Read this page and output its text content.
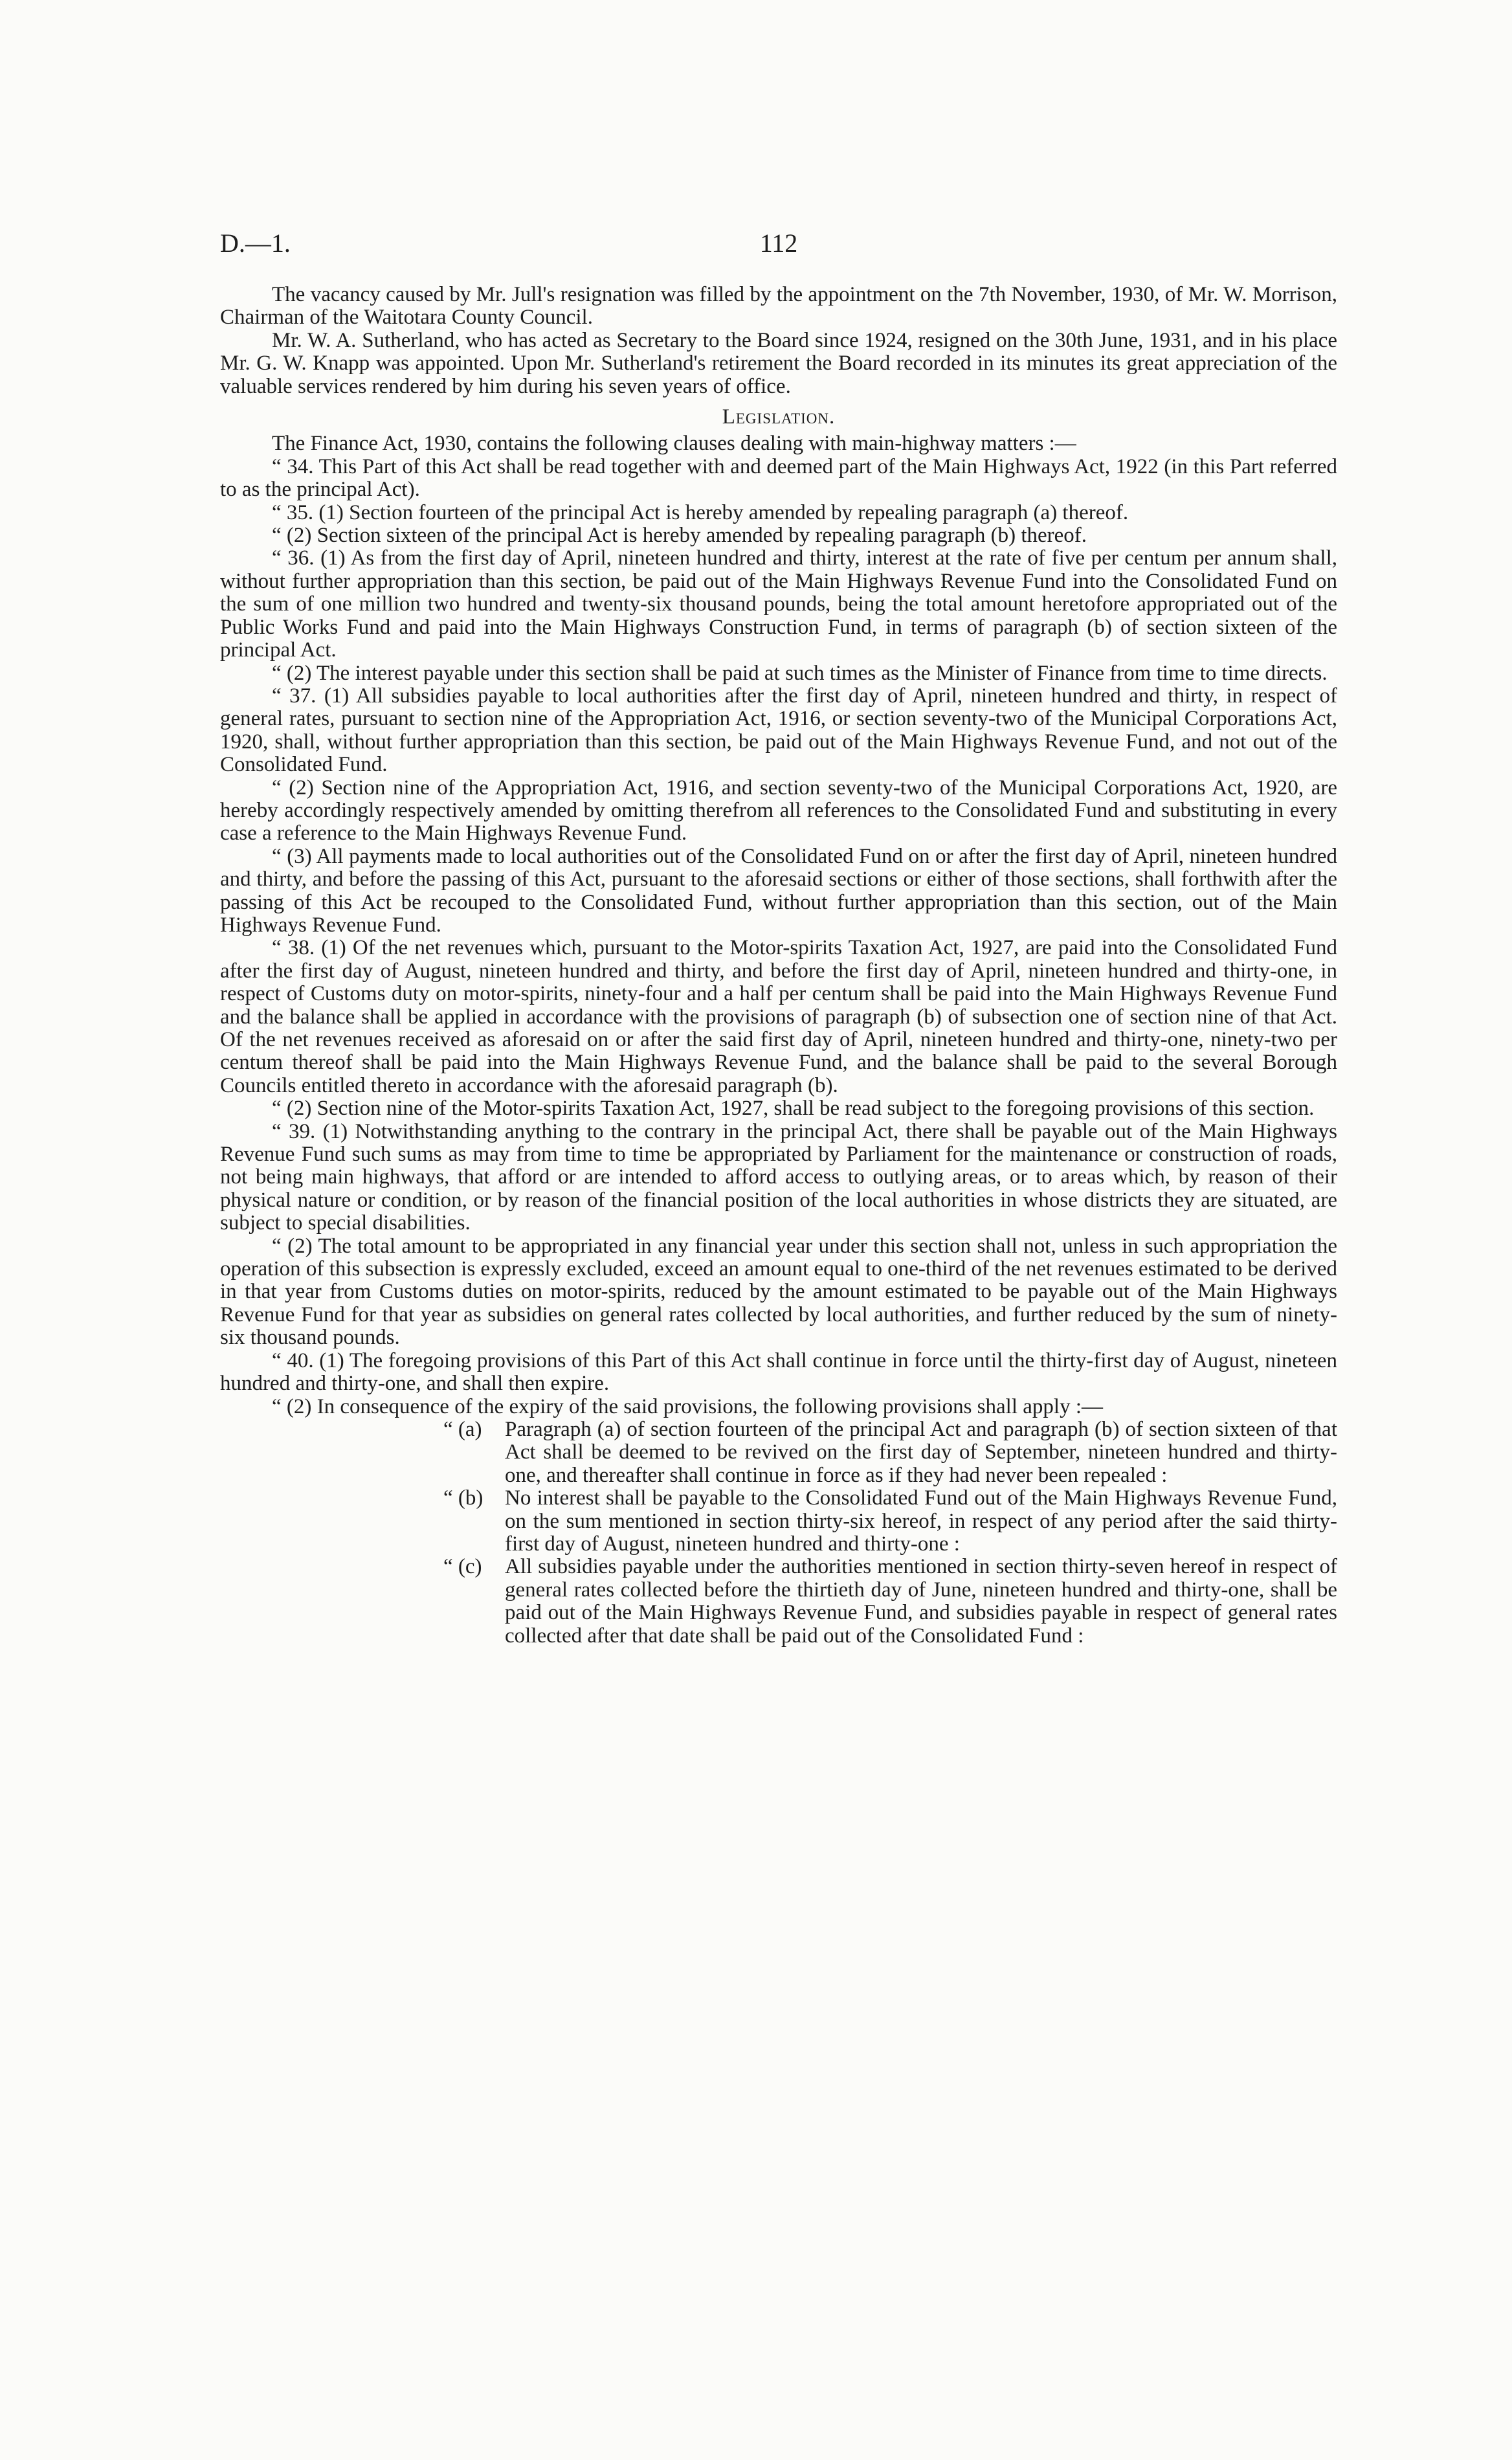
D.—1.	112

The vacancy caused by Mr. Jull's resignation was filled by the appointment on the 7th November, 1930, of Mr. W. Morrison, Chairman of the Waitotara County Council.

Mr. W. A. Sutherland, who has acted as Secretary to the Board since 1924, resigned on the 30th June, 1931, and in his place Mr. G. W. Knapp was appointed. Upon Mr. Sutherland's retirement the Board recorded in its minutes its great appreciation of the valuable services rendered by him during his seven years of office.

Legislation.

The Finance Act, 1930, contains the following clauses dealing with main-highway matters :—

“ 34. This Part of this Act shall be read together with and deemed part of the Main Highways Act, 1922 (in this Part referred to as the principal Act).

“ 35. (1) Section fourteen of the principal Act is hereby amended by repealing paragraph (a) thereof.

“ (2) Section sixteen of the principal Act is hereby amended by repealing paragraph (b) thereof.

“ 36. (1) As from the first day of April, nineteen hundred and thirty, interest at the rate of five per centum per annum shall, without further appropriation than this section, be paid out of the Main Highways Revenue Fund into the Consolidated Fund on the sum of one million two hundred and twenty-six thousand pounds, being the total amount heretofore appropriated out of the Public Works Fund and paid into the Main Highways Construction Fund, in terms of paragraph (b) of section sixteen of the principal Act.

“ (2) The interest payable under this section shall be paid at such times as the Minister of Finance from time to time directs.

“ 37. (1) All subsidies payable to local authorities after the first day of April, nineteen hundred and thirty, in respect of general rates, pursuant to section nine of the Appropriation Act, 1916, or section seventy-two of the Municipal Corporations Act, 1920, shall, without further appropriation than this section, be paid out of the Main Highways Revenue Fund, and not out of the Consolidated Fund.

“ (2) Section nine of the Appropriation Act, 1916, and section seventy-two of the Municipal Corporations Act, 1920, are hereby accordingly respectively amended by omitting therefrom all references to the Consolidated Fund and substituting in every case a reference to the Main Highways Revenue Fund.

“ (3) All payments made to local authorities out of the Consolidated Fund on or after the first day of April, nineteen hundred and thirty, and before the passing of this Act, pursuant to the aforesaid sections or either of those sections, shall forthwith after the passing of this Act be recouped to the Consolidated Fund, without further appropriation than this section, out of the Main Highways Revenue Fund.

“ 38. (1) Of the net revenues which, pursuant to the Motor-spirits Taxation Act, 1927, are paid into the Consolidated Fund after the first day of August, nineteen hundred and thirty, and before the first day of April, nineteen hundred and thirty-one, in respect of Customs duty on motor-spirits, ninety-four and a half per centum shall be paid into the Main Highways Revenue Fund and the balance shall be applied in accordance with the provisions of paragraph (b) of subsection one of section nine of that Act. Of the net revenues received as aforesaid on or after the said first day of April, nineteen hundred and thirty-one, ninety-two per centum thereof shall be paid into the Main Highways Revenue Fund, and the balance shall be paid to the several Borough Councils entitled thereto in accordance with the aforesaid paragraph (b).

“ (2) Section nine of the Motor-spirits Taxation Act, 1927, shall be read subject to the foregoing provisions of this section.

“ 39. (1) Notwithstanding anything to the contrary in the principal Act, there shall be payable out of the Main Highways Revenue Fund such sums as may from time to time be appropriated by Parliament for the maintenance or construction of roads, not being main highways, that afford or are intended to afford access to outlying areas, or to areas which, by reason of their physical nature or condition, or by reason of the financial position of the local authorities in whose districts they are situated, are subject to special disabilities.

“ (2) The total amount to be appropriated in any financial year under this section shall not, unless in such appropriation the operation of this subsection is expressly excluded, exceed an amount equal to one-third of the net revenues estimated to be derived in that year from Customs duties on motor-spirits, reduced by the amount estimated to be payable out of the Main Highways Revenue Fund for that year as subsidies on general rates collected by local authorities, and further reduced by the sum of ninety-six thousand pounds.

“ 40. (1) The foregoing provisions of this Part of this Act shall continue in force until the thirty-first day of August, nineteen hundred and thirty-one, and shall then expire.

“ (2) In consequence of the expiry of the said provisions, the following provisions shall apply :—

“ (a) Paragraph (a) of section fourteen of the principal Act and paragraph (b) of section sixteen of that Act shall be deemed to be revived on the first day of September, nineteen hundred and thirty-one, and thereafter shall continue in force as if they had never been repealed :

“ (b) No interest shall be payable to the Consolidated Fund out of the Main Highways Revenue Fund, on the sum mentioned in section thirty-six hereof, in respect of any period after the said thirty-first day of August, nineteen hundred and thirty-one :

“ (c) All subsidies payable under the authorities mentioned in section thirty-seven hereof in respect of general rates collected before the thirtieth day of June, nineteen hundred and thirty-one, shall be paid out of the Main Highways Revenue Fund, and subsidies payable in respect of general rates collected after that date shall be paid out of the Consolidated Fund :
